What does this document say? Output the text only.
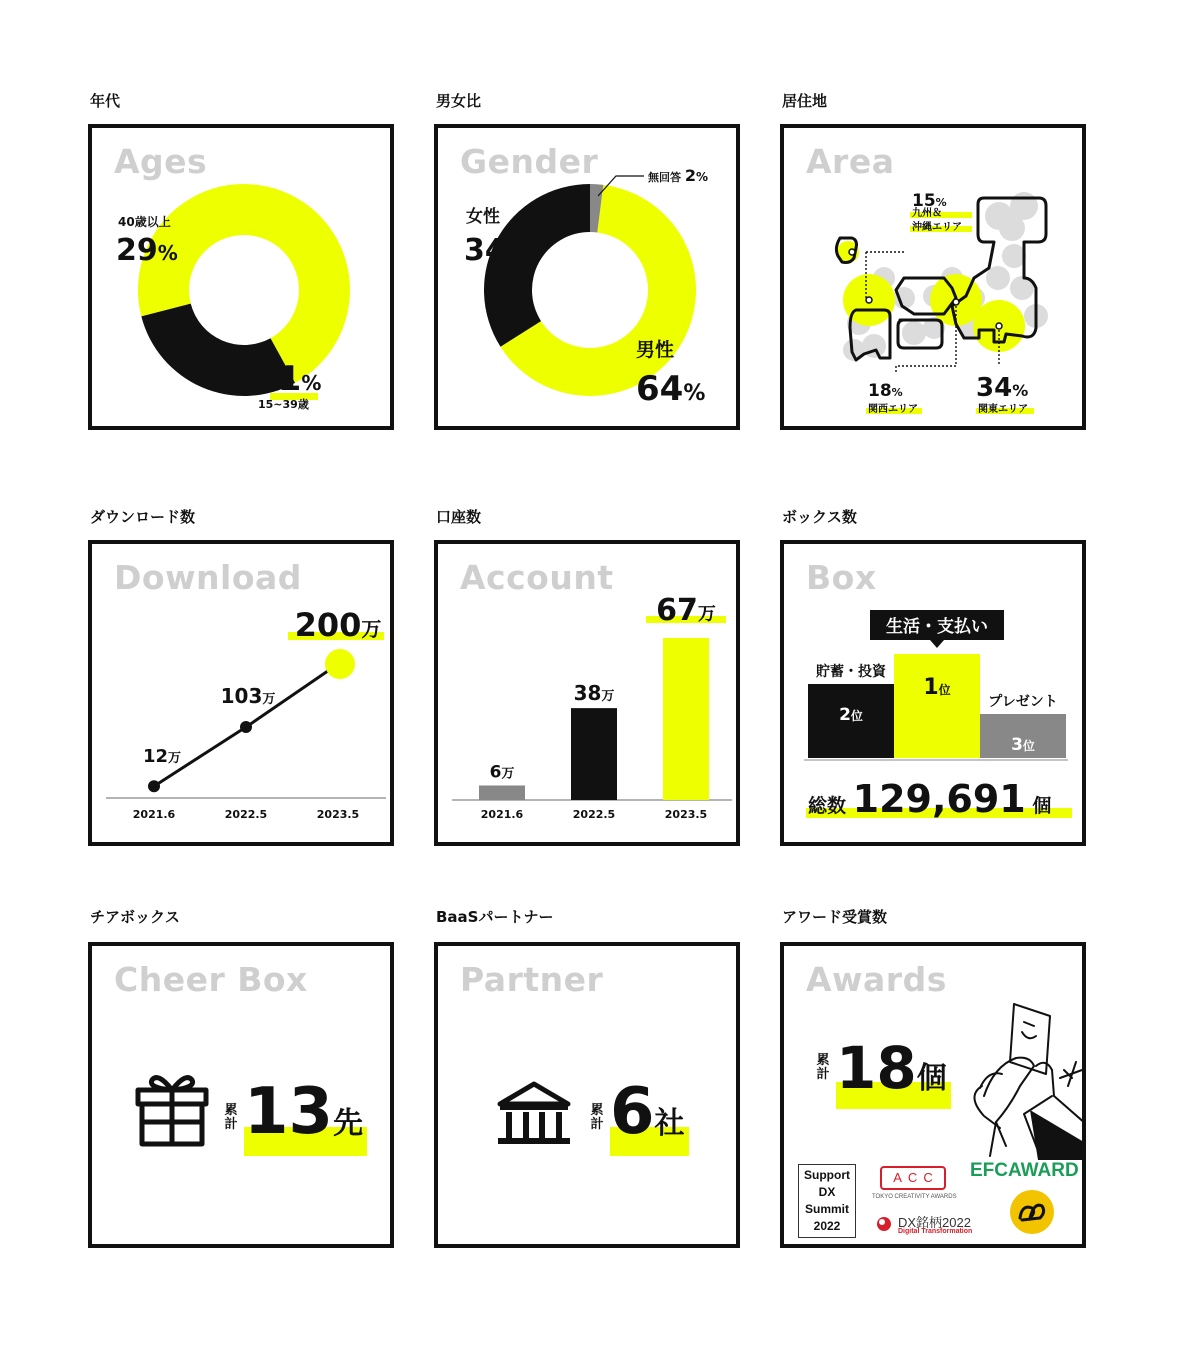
年代	男女比	居住地
Ages
71%
15~39歳
40歳以上
29%
Gender
男性
64%
女性
34%
無回答 2%	Area
15%
九州＆
沖縄エリア
18%
関西エリア
34%
関東エリア
ダウンロード数	口座数	ボックス数
Download
2021.6	2022.5	2023.5
12万
103万
200万
Account
2021.6
6万
2022.5
38万
2023.5
67万
Box
2位
1位
3位
貯蓄・投資
生活・支払い
プレゼント
総数 129,691 個
チアボックス	BaaSパートナー	アワード受賞数
Cheer Box
累計 13先
Partner
累計 6社
Awards
累計 18個
Support
DX
Summit
2022
ACC
TOKYO CREATIVITY AWARDS
EFCAWARD
DX銘柄2022
Digital Transformation
